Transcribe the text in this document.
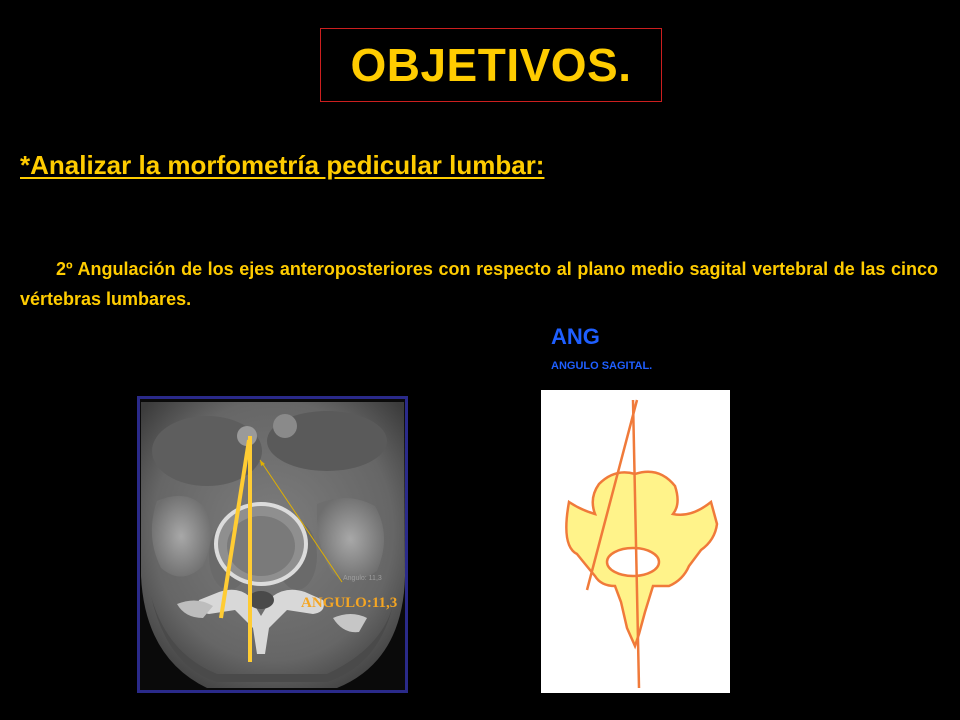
OBJETIVOS.
*Analizar la morfometría pedicular lumbar:
2º Angulación de los ejes anteroposteriores con respecto al plano medio sagital vertebral de las cinco vértebras lumbares.
ANG
ANGULO SAGITAL.
Angulo: 11,3
ANGULO:11,3
